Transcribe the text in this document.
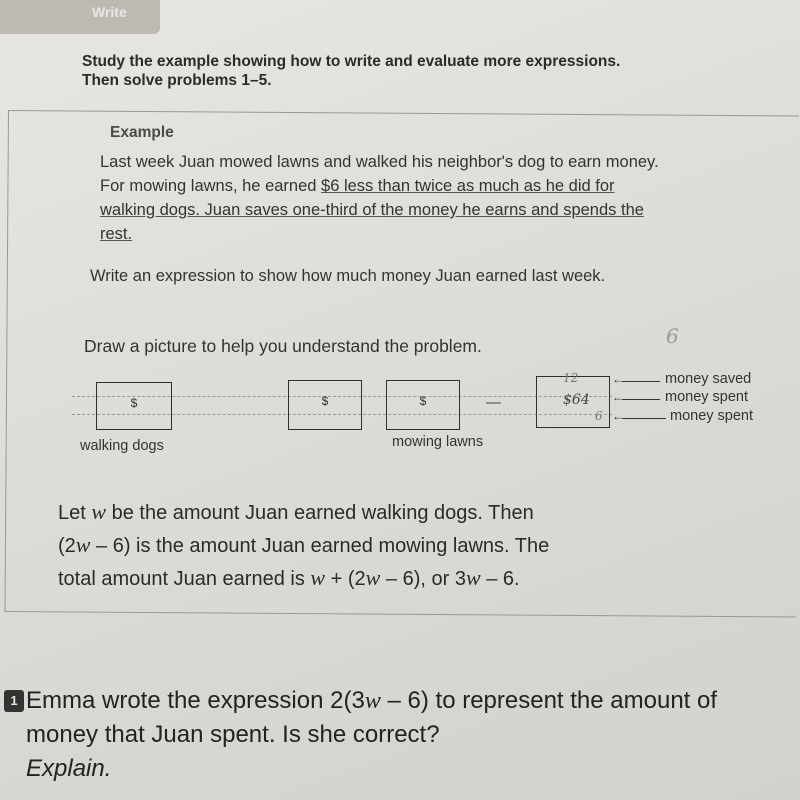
Write
Study the example showing how to write and evaluate more expressions. Then solve problems 1–5.
Example
Last week Juan mowed lawns and walked his neighbor's dog to earn money. For mowing lawns, he earned $6 less than twice as much as he did for walking dogs. Juan saves one-third of the money he earns and spends the rest.
Write an expression to show how much money Juan earned last week.
Draw a picture to help you understand the problem.	6
$	$	$	—
12
$64
6
←	money saved
←	money spent
←	money spent
walking dogs	mowing lawns
Let w be the amount Juan earned walking dogs. Then
(2w – 6) is the amount Juan earned mowing lawns. The
total amount Juan earned is w + (2w – 6), or 3w – 6.
1 Emma wrote the expression 2(3w – 6) to represent the amount of money that Juan spent. Is she correct?
Explain.
